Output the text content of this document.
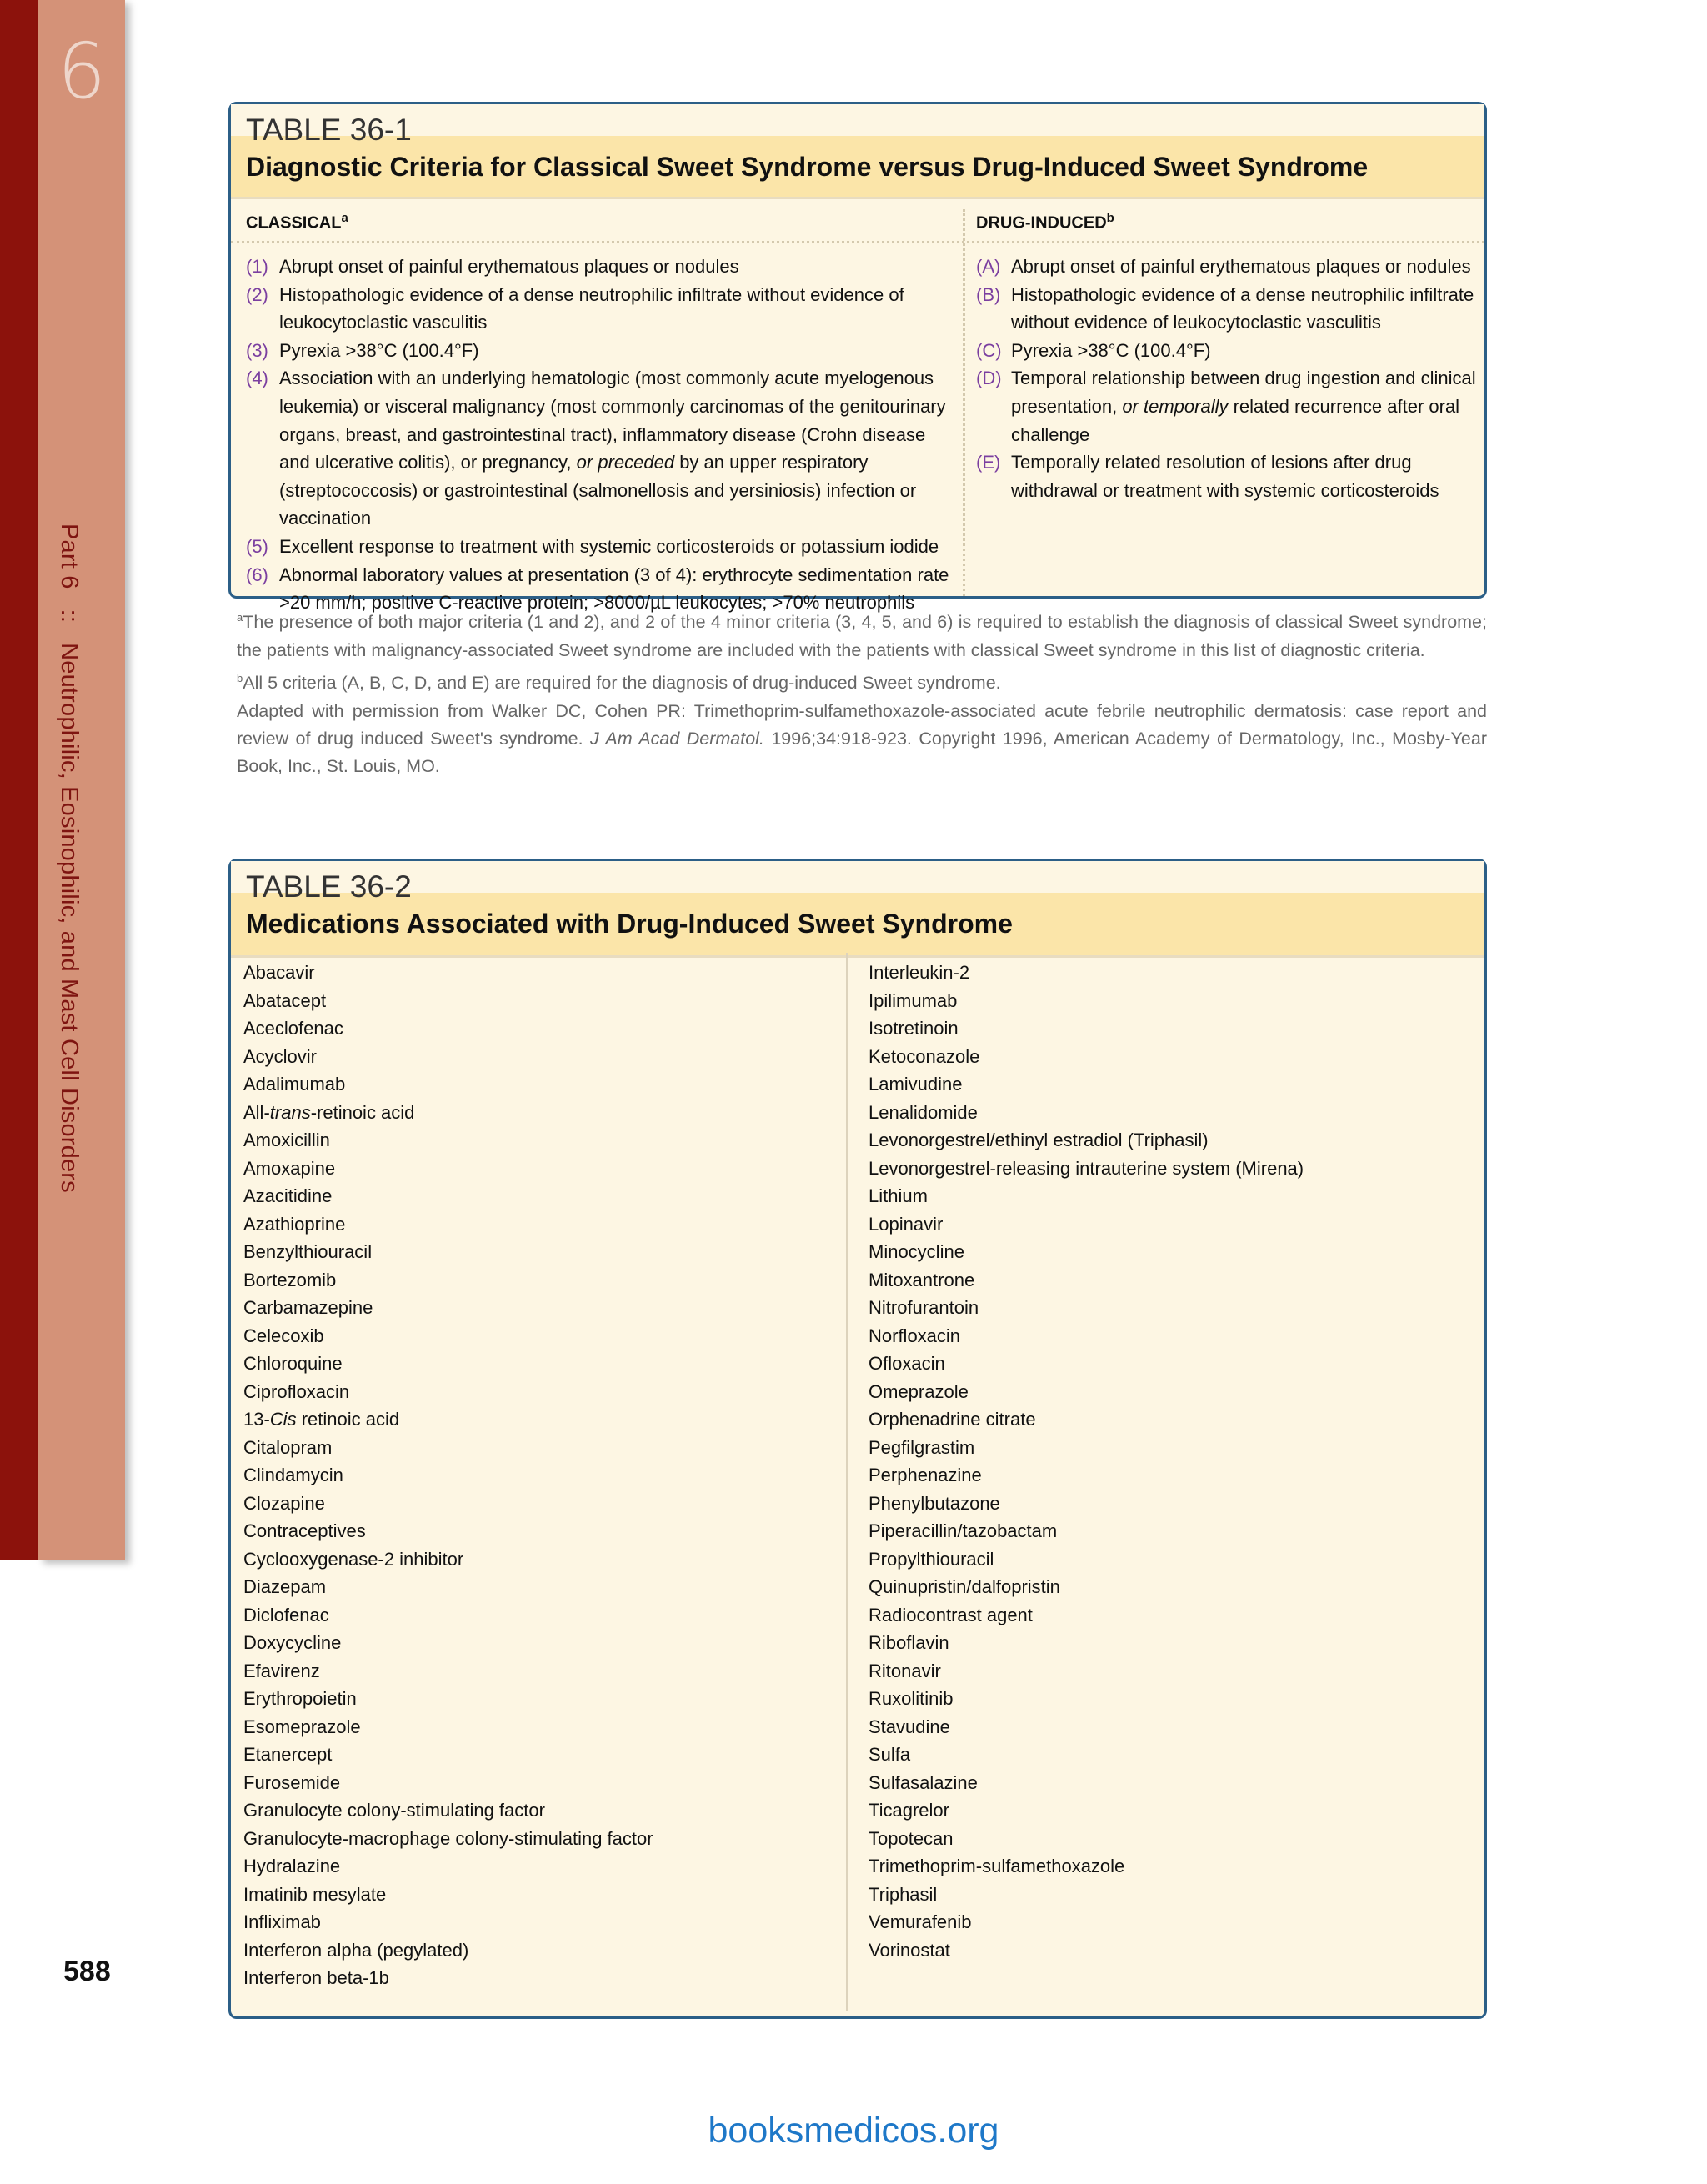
6
Part 6::Neutrophilic, Eosinophilic, and Mast Cell Disorders
588
TABLE 36-1
Diagnostic Criteria for Classical Sweet Syndrome versus Drug-Induced Sweet Syndrome
CLASSICAL$^a$	DRUG-INDUCED$^b$
(1) Abrupt onset of painful erythematous plaques or nodules
(2) Histopathologic evidence of a dense neutrophilic infiltrate without evidence of leukocytoclastic vasculitis
(3) Pyrexia >38°C (100.4°F)
(4) Association with an underlying hematologic (most commonly acute myelogenous leukemia) or visceral malignancy (most commonly carcinomas of the genitourinary organs, breast, and gastrointestinal tract), inflammatory disease (Crohn disease and ulcerative colitis), or pregnancy, or preceded by an upper respiratory (streptococcosis) or gastrointestinal (salmonellosis and yersiniosis) infection or vaccination
(5) Excellent response to treatment with systemic corticosteroids or potassium iodide
(6) Abnormal laboratory values at presentation (3 of 4): erythrocyte sedimentation rate >20 mm/h; positive C-reactive protein; >8000/µL leukocytes; >70% neutrophils
(A) Abrupt onset of painful erythematous plaques or nodules
(B) Histopathologic evidence of a dense neutrophilic infiltrate without evidence of leukocytoclastic vasculitis
(C) Pyrexia >38°C (100.4°F)
(D) Temporal relationship between drug ingestion and clinical presentation, or temporally related recurrence after oral challenge
(E) Temporally related resolution of lesions after drug withdrawal or treatment with systemic corticosteroids

$^a$The presence of both major criteria (1 and 2), and 2 of the 4 minor criteria (3, 4, 5, and 6) is required to establish the diagnosis of classical Sweet syndrome; the patients with malignancy-associated Sweet syndrome are included with the patients with classical Sweet syndrome in this list of diagnostic criteria.

$^b$All 5 criteria (A, B, C, D, and E) are required for the diagnosis of drug-induced Sweet syndrome.

Adapted with permission from Walker DC, Cohen PR: Trimethoprim-sulfamethoxazole-associated acute febrile neutrophilic dermatosis: case report and review of drug induced Sweet's syndrome. J Am Acad Dermatol. 1996;34:918-923. Copyright 1996, American Academy of Dermatology, Inc., Mosby-Year Book, Inc., St. Louis, MO.

TABLE 36-2
Medications Associated with Drug-Induced Sweet Syndrome
Abacavir
Abatacept
Aceclofenac
Acyclovir
Adalimumab
All-trans-retinoic acid
Amoxicillin
Amoxapine
Azacitidine
Azathioprine
Benzylthiouracil
Bortezomib
Carbamazepine
Celecoxib
Chloroquine
Ciprofloxacin
13-Cis retinoic acid
Citalopram
Clindamycin
Clozapine
Contraceptives
Cyclooxygenase-2 inhibitor
Diazepam
Diclofenac
Doxycycline
Efavirenz
Erythropoietin
Esomeprazole
Etanercept
Furosemide
Granulocyte colony-stimulating factor
Granulocyte-macrophage colony-stimulating factor
Hydralazine
Imatinib mesylate
Infliximab
Interferon alpha (pegylated)
Interferon beta-1b
Interleukin-2
Ipilimumab
Isotretinoin
Ketoconazole
Lamivudine
Lenalidomide
Levonorgestrel/ethinyl estradiol (Triphasil)
Levonorgestrel-releasing intrauterine system (Mirena)
Lithium
Lopinavir
Minocycline
Mitoxantrone
Nitrofurantoin
Norfloxacin
Ofloxacin
Omeprazole
Orphenadrine citrate
Pegfilgrastim
Perphenazine
Phenylbutazone
Piperacillin/tazobactam
Propylthiouracil
Quinupristin/dalfopristin
Radiocontrast agent
Riboflavin
Ritonavir
Ruxolitinib
Stavudine
Sulfa
Sulfasalazine
Ticagrelor
Topotecan
Trimethoprim-sulfamethoxazole
Triphasil
Vemurafenib
Vorinostat
booksmedicos.org
